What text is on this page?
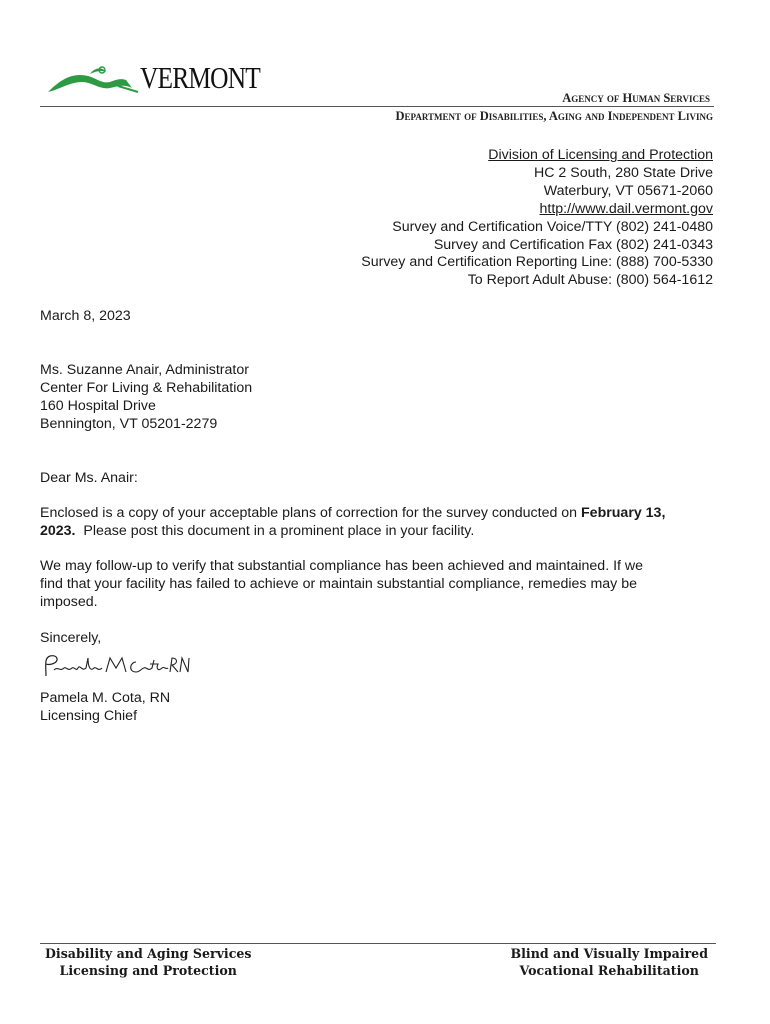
VERMONT
Agency of Human Services
Department of Disabilities, Aging and Independent Living
Division of Licensing and Protection
HC 2 South, 280 State Drive
Waterbury, VT 05671-2060
http://www.dail.vermont.gov
Survey and Certification Voice/TTY (802) 241-0480
Survey and Certification Fax (802) 241-0343
Survey and Certification Reporting Line: (888) 700-5330
To Report Adult Abuse: (800) 564-1612
March 8, 2023
Ms. Suzanne Anair, Administrator
Center For Living & Rehabilitation
160 Hospital Drive
Bennington, VT 05201-2279
Dear Ms. Anair:
Enclosed is a copy of your acceptable plans of correction for the survey conducted on February 13,
2023.  Please post this document in a prominent place in your facility.
We may follow-up to verify that substantial compliance has been achieved and maintained. If we
find that your facility has failed to achieve or maintain substantial compliance, remedies may be
imposed.
Sincerely,
Pamela M. Cota, RN
Licensing Chief
Disability and Aging Services
Licensing and Protection
Blind and Visually Impaired
Vocational Rehabilitation
